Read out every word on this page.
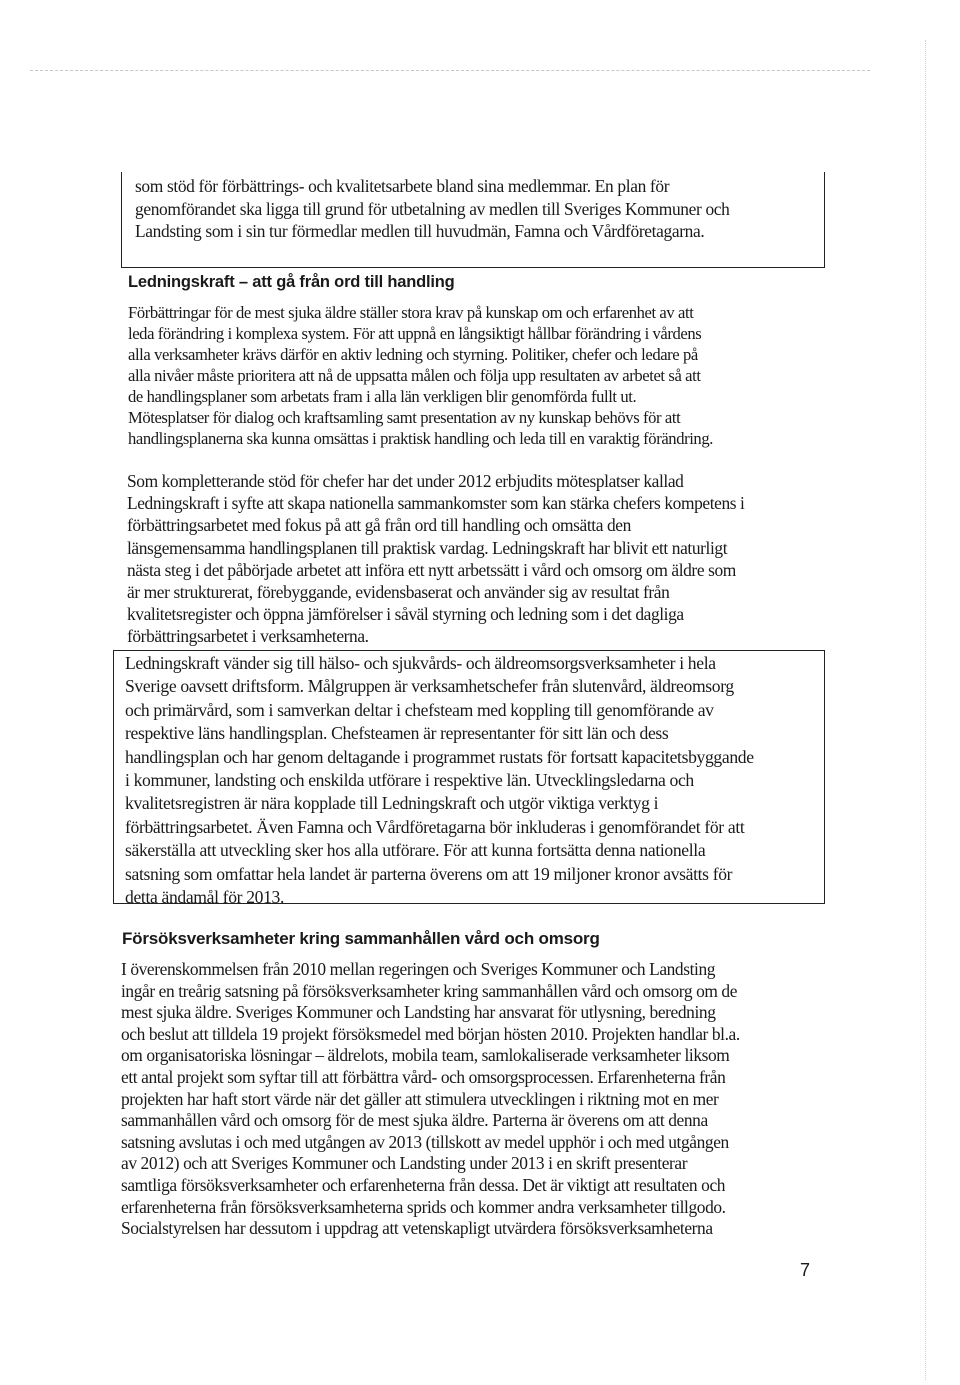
som stöd för förbättrings- och kvalitetsarbete bland sina medlemmar. En plan för

genomförandet ska ligga till grund för utbetalning av medlen till Sveriges Kommuner och

Landsting som i sin tur förmedlar medlen till huvudmän, Famna och Vårdföretagarna.

Ledningskraft – att gå från ord till handling
Förbättringar för de mest sjuka äldre ställer stora krav på kunskap om och erfarenhet av att
leda förändring i komplexa system. För att uppnå en långsiktigt hållbar förändring i vårdens
alla verksamheter krävs därför en aktiv ledning och styrning. Politiker, chefer och ledare på
alla nivåer måste prioritera att nå de uppsatta målen och följa upp resultaten av arbetet så att
de handlingsplaner som arbetats fram i alla län verkligen blir genomförda fullt ut.
Mötesplatser för dialog och kraftsamling samt presentation av ny kunskap behövs för att
handlingsplanerna ska kunna omsättas i praktisk handling och leda till en varaktig förändring.
Som kompletterande stöd för chefer har det under 2012 erbjudits mötesplatser kallad
Ledningskraft i syfte att skapa nationella sammankomster som kan stärka chefers kompetens i
förbättringsarbetet med fokus på att gå från ord till handling och omsätta den
länsgemensamma handlingsplanen till praktisk vardag. Ledningskraft har blivit ett naturligt
nästa steg i det påbörjade arbetet att införa ett nytt arbetssätt i vård och omsorg om äldre som
är mer strukturerat, förebyggande, evidensbaserat och använder sig av resultat från
kvalitetsregister och öppna jämförelser i såväl styrning och ledning som i det dagliga
förbättringsarbetet i verksamheterna.

Ledningskraft vänder sig till hälso- och sjukvårds- och äldreomsorgsverksamheter i hela

Sverige oavsett driftsform. Målgruppen är verksamhetschefer från slutenvård, äldreomsorg

och primärvård, som i samverkan deltar i chefsteam med koppling till genomförande av

respektive läns handlingsplan. Chefsteamen är representanter för sitt län och dess

handlingsplan och har genom deltagande i programmet rustats för fortsatt kapacitetsbyggande

i kommuner, landsting och enskilda utförare i respektive län. Utvecklingsledarna och

kvalitetsregistren är nära kopplade till Ledningskraft och utgör viktiga verktyg i

förbättringsarbetet. Även Famna och Vårdföretagarna bör inkluderas i genomförandet för att

säkerställa att utveckling sker hos alla utförare. För att kunna fortsätta denna nationella

satsning som omfattar hela landet är parterna överens om att 19 miljoner kronor avsätts för

detta ändamål för 2013.

Försöksverksamheter kring sammanhållen vård och omsorg
I överenskommelsen från 2010 mellan regeringen och Sveriges Kommuner och Landsting
ingår en treårig satsning på försöksverksamheter kring sammanhållen vård och omsorg om de
mest sjuka äldre. Sveriges Kommuner och Landsting har ansvarat för utlysning, beredning
och beslut att tilldela 19 projekt försöksmedel med början hösten 2010. Projekten handlar bl.a.
om organisatoriska lösningar – äldrelots, mobila team, samlokaliserade verksamheter liksom
ett antal projekt som syftar till att förbättra vård- och omsorgsprocessen. Erfarenheterna från
projekten har haft stort värde när det gäller att stimulera utvecklingen i riktning mot en mer
sammanhållen vård och omsorg för de mest sjuka äldre. Parterna är överens om att denna
satsning avslutas i och med utgången av 2013 (tillskott av medel upphör i och med utgången
av 2012) och att Sveriges Kommuner och Landsting under 2013 i en skrift presenterar
samtliga försöksverksamheter och erfarenheterna från dessa. Det är viktigt att resultaten och
erfarenheterna från försöksverksamheterna sprids och kommer andra verksamheter tillgodo.
Socialstyrelsen har dessutom i uppdrag att vetenskapligt utvärdera försöksverksamheterna
7
